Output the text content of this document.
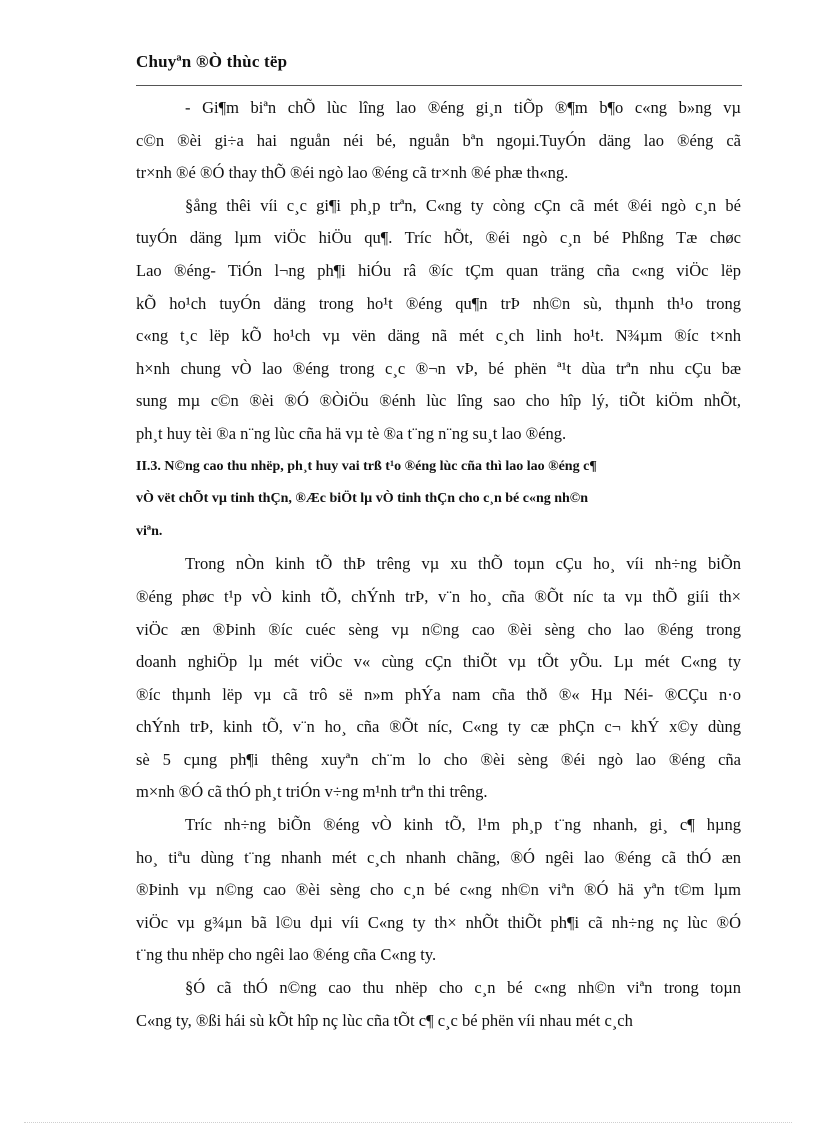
Chuyªn ®Ò thùc tëp
- Gi¶m biªn chÕ lùc lîng lao ®éng gi¸n tiÕp ®¶m b¶o c«ng b»ng vµ
c©n ®èi gi÷a hai nguån néi bé, nguån bªn ngoµi.TuyÓn däng lao ®éng cã
tr×nh ®é ®Ó thay thÕ ®éi ngò lao ®éng cã tr×nh ®é phæ th«ng.
§ång thêi víi c¸c gi¶i ph¸p trªn, C«ng ty còng cÇn cã mét ®éi ngò c¸n bé
tuyÓn däng lµm viÖc hiÖu qu¶. Tríc hÕt, ®éi ngò c¸n bé Phßng Tæ chøc
Lao ®éng- TiÓn l¬ng ph¶i hiÓu râ ®íc tÇm quan träng cña c«ng viÖc lëp
kÕ ho¹ch tuyÓn däng trong ho¹t ®éng qu¶n trÞ nh©n sù, thµnh th¹o trong
c«ng t¸c lëp kÕ ho¹ch vµ vën däng nã mét c¸ch linh ho¹t. N¾µm ®íc t×nh
h×nh chung vÒ lao ®éng trong c¸c ®¬n vÞ, bé phën ª¹t dùa trªn nhu cÇu bæ
sung mµ c©n ®èi ®Ó ®ÒiÖu ®énh lùc lîng sao cho hîp lý, tiÕt kiÖm nhÕt,
ph¸t huy tèi ®a n¨ng lùc cña hä vµ tè ®a t¨ng n¨ng su¸t lao ®éng.
II.3. N©ng cao thu nhëp, ph¸t huy vai trß t¹o ®éng lùc cña thì lao lao ®éng c¶
vÒ vët chÕt vµ tinh thÇn, ®Æc biÖt lµ vÒ tinh thÇn cho c¸n bé c«ng nh©n
viªn.
Trong nÒn kinh tÕ thÞ trêng vµ xu thÕ toµn cÇu ho¸ víi nh÷ng biÕn
®éng phøc t¹p vÒ kinh tÕ, chÝnh trÞ, v¨n ho¸ cña ®Õt níc ta vµ thÕ giíi th×
viÖc æn ®Þinh ®íc cuéc sèng vµ n©ng cao ®èi sèng cho lao ®éng trong
doanh nghiÖp lµ mét viÖc v« cùng cÇn thiÕt vµ tÕt yÕu. Lµ mét C«ng ty
®íc thµnh lëp vµ cã trô së n»m phÝa nam cña thð ®« Hµ Néi- ®CÇu n·o
chÝnh trÞ, kinh tÕ, v¨n ho¸ cña ®Õt níc, C«ng ty cæ phÇn c¬ khÝ x©y dùng
sè 5 cµng ph¶i thêng xuyªn ch¨m lo cho ®èi sèng ®éi ngò lao ®éng cña
m×nh ®Ó cã thÓ ph¸t triÓn v÷ng m¹nh trªn thi trêng.
Tríc nh÷ng biÕn ®éng vÒ kinh tÕ, l¹m ph¸p t¨ng nhanh, gi¸ c¶ hµng
ho¸ tiªu dùng t¨ng nhanh mét c¸ch nhanh chãng, ®Ó ngêi lao ®éng cã thÓ æn
®Þinh vµ n©ng cao ®èi sèng cho c¸n bé c«ng nh©n viªn ®Ó hä yªn t©m lµm
viÖc vµ g¾µn bã l©u dµi víi C«ng ty th× nhÕt thiÕt ph¶i cã nh÷ng nç lùc ®Ó
t¨ng thu nhëp cho ngêi lao ®éng cña C«ng ty.
§Ó cã thÓ n©ng cao thu nhëp cho c¸n bé c«ng nh©n viªn trong toµn
C«ng ty, ®ßi hái sù kÕt hîp nç lùc cña tÕt c¶ c¸c bé phën víi nhau mét c¸ch
